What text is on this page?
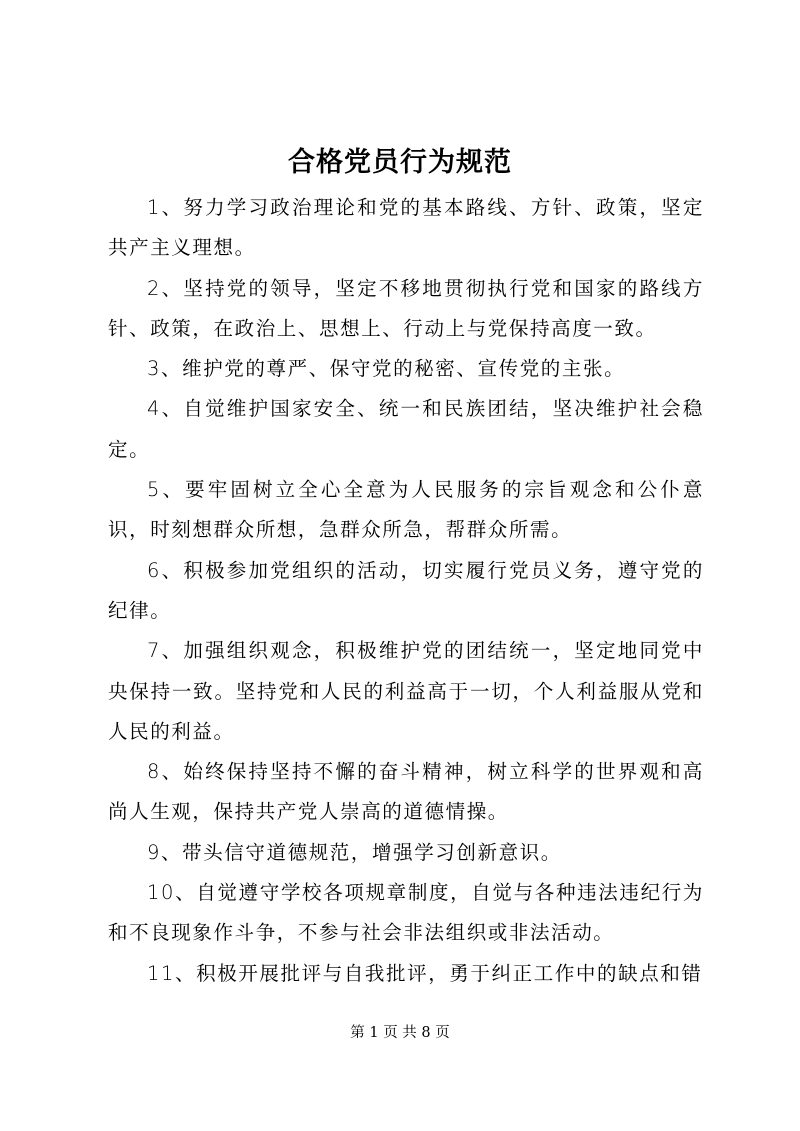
合格党员行为规范

1、努力学习政治理论和党的基本路线、方针、政策，坚定共产主义理想。

2、坚持党的领导，坚定不移地贯彻执行党和国家的路线方针、政策，在政治上、思想上、行动上与党保持高度一致。

3、维护党的尊严、保守党的秘密、宣传党的主张。

4、自觉维护国家安全、统一和民族团结，坚决维护社会稳定。

5、要牢固树立全心全意为人民服务的宗旨观念和公仆意识，时刻想群众所想，急群众所急，帮群众所需。

6、积极参加党组织的活动，切实履行党员义务，遵守党的纪律。

7、加强组织观念，积极维护党的团结统一，坚定地同党中央保持一致。坚持党和人民的利益高于一切，个人利益服从党和人民的利益。

8、始终保持坚持不懈的奋斗精神，树立科学的世界观和高尚人生观，保持共产党人崇高的道德情操。

9、带头信守道德规范，增强学习创新意识。

10、自觉遵守学校各项规章制度，自觉与各种违法违纪行为和不良现象作斗争，不参与社会非法组织或非法活动。

11、积极开展批评与自我批评，勇于纠正工作中的缺点和错

第 1 页 共 8 页
